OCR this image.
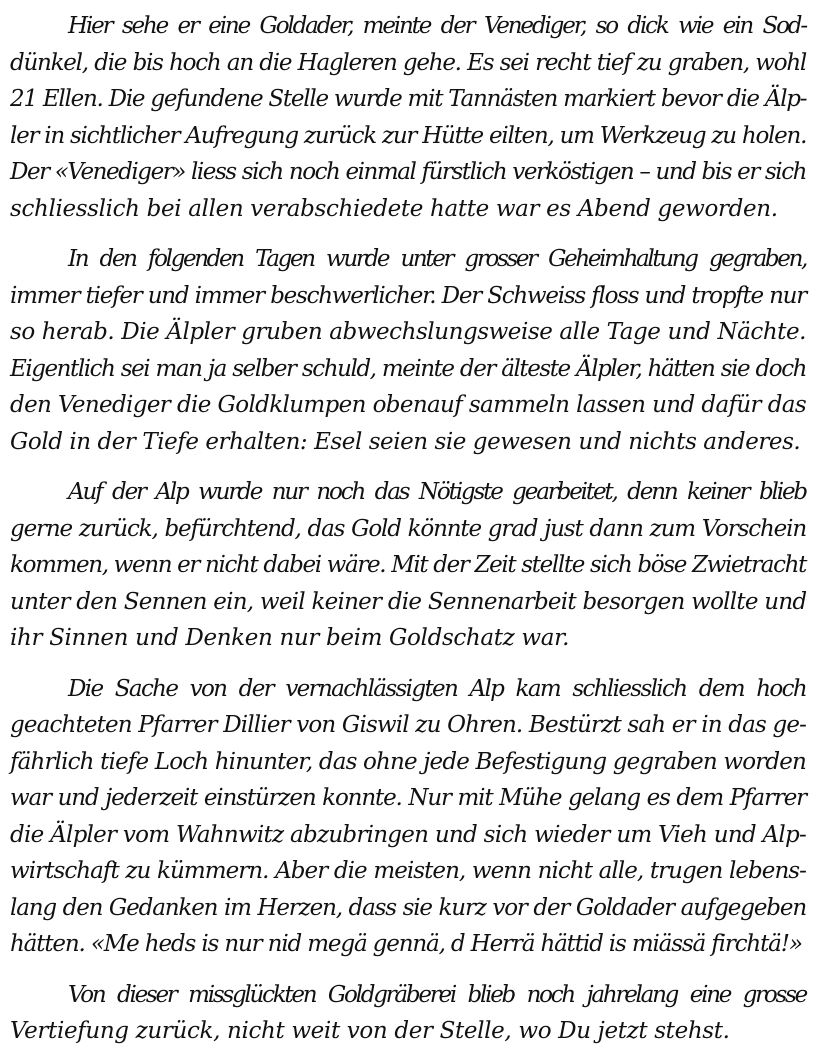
Hier sehe er eine Goldader, meinte der Venediger, so dick wie ein Sod-
dünkel, die bis hoch an die Hagleren gehe. Es sei recht tief zu graben, wohl
21 Ellen. Die gefundene Stelle wurde mit Tannästen markiert bevor die Älp-
ler in sichtlicher Aufregung zurück zur Hütte eilten, um Werkzeug zu holen.
Der «Venediger» liess sich noch einmal fürstlich verköstigen – und bis er sich
schliesslich bei allen verabschiedete hatte war es Abend geworden.

In den folgenden Tagen wurde unter grosser Geheimhaltung gegraben,
immer tiefer und immer beschwerlicher. Der Schweiss floss und tropfte nur
so herab. Die Älpler gruben abwechslungsweise alle Tage und Nächte.
Eigentlich sei man ja selber schuld, meinte der älteste Älpler, hätten sie doch
den Venediger die Goldklumpen obenauf sammeln lassen und dafür das
Gold in der Tiefe erhalten: Esel seien sie gewesen und nichts anderes.

Auf der Alp wurde nur noch das Nötigste gearbeitet, denn keiner blieb
gerne zurück, befürchtend, das Gold könnte grad just dann zum Vorschein
kommen, wenn er nicht dabei wäre. Mit der Zeit stellte sich böse Zwietracht
unter den Sennen ein, weil keiner die Sennenarbeit besorgen wollte und
ihr Sinnen und Denken nur beim Goldschatz war.

Die Sache von der vernachlässigten Alp kam schliesslich dem hoch
geachteten Pfarrer Dillier von Giswil zu Ohren. Bestürzt sah er in das ge-
fährlich tiefe Loch hinunter, das ohne jede Befestigung gegraben worden
war und jederzeit einstürzen konnte. Nur mit Mühe gelang es dem Pfarrer
die Älpler vom Wahnwitz abzubringen und sich wieder um Vieh und Alp-
wirtschaft zu kümmern. Aber die meisten, wenn nicht alle, trugen lebens-
lang den Gedanken im Herzen, dass sie kurz vor der Goldader aufgegeben
hätten. «Me heds is nur nid megä gennä, d Herrä hättid is miässä firchtä!»

Von dieser missglückten Goldgräberei blieb noch jahrelang eine grosse
Vertiefung zurück, nicht weit von der Stelle, wo Du jetzt stehst.
